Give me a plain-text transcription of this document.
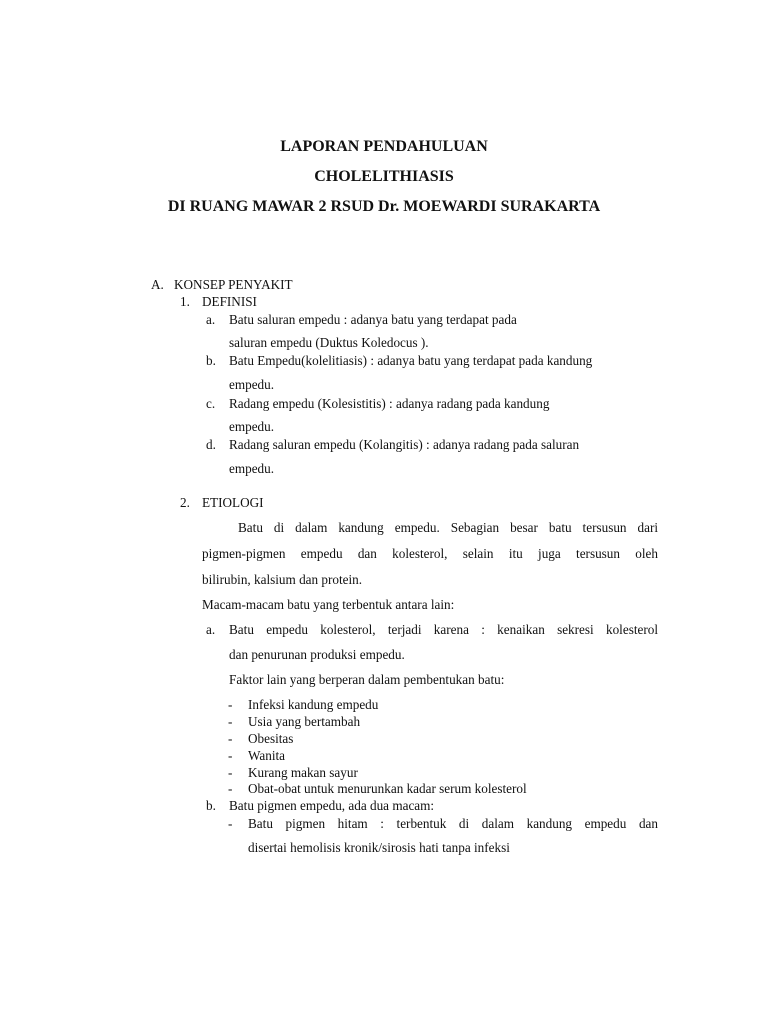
LAPORAN PENDAHULUAN
CHOLELITHIASIS
DI RUANG MAWAR 2 RSUD Dr. MOEWARDI SURAKARTA
A. KONSEP PENYAKIT
1. DEFINISI
a. Batu saluran empedu : adanya batu yang terdapat pada
saluran empedu (Duktus Koledocus ).
b. Batu Empedu(kolelitiasis) : adanya batu yang terdapat pada kandung
empedu.
c. Radang empedu (Kolesistitis) : adanya radang pada kandung
empedu.
d. Radang saluran empedu (Kolangitis) : adanya radang pada saluran
empedu.
2. ETIOLOGI
Batu di dalam kandung empedu. Sebagian besar batu tersusun dari
pigmen-pigmen empedu dan kolesterol, selain itu juga tersusun oleh
bilirubin, kalsium dan protein.
Macam-macam batu yang terbentuk antara lain:
a. Batu empedu kolesterol, terjadi karena : kenaikan sekresi kolesterol
dan penurunan produksi empedu.
Faktor lain yang berperan dalam pembentukan batu:
- Infeksi kandung empedu
- Usia yang bertambah
- Obesitas
- Wanita
- Kurang makan sayur
- Obat-obat untuk menurunkan kadar serum kolesterol
b. Batu pigmen empedu, ada dua macam:
- Batu pigmen hitam : terbentuk di dalam kandung empedu dan
disertai hemolisis kronik/sirosis hati tanpa infeksi
